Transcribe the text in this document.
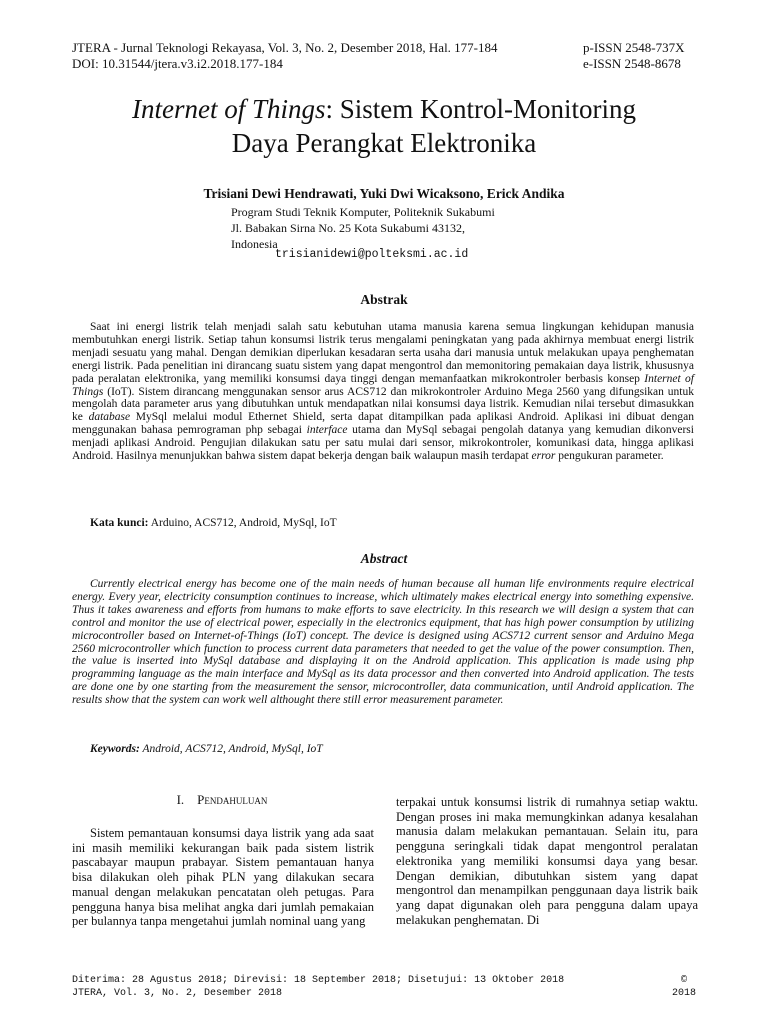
JTERA - Jurnal Teknologi Rekayasa, Vol. 3, No. 2, Desember 2018, Hal. 177-184
DOI: 10.31544/jtera.v3.i2.2018.177-184
p-ISSN 2548-737X
e-ISSN 2548-8678
Internet of Things: Sistem Kontrol-Monitoring
Daya Perangkat Elektronika
Trisiani Dewi Hendrawati, Yuki Dwi Wicaksono, Erick Andika
Program Studi Teknik Komputer, Politeknik Sukabumi
Jl. Babakan Sirna No. 25 Kota Sukabumi 43132,
Indonesia
trisianidewi@polteksmi.ac.id
Abstrak
Saat ini energi listrik telah menjadi salah satu kebutuhan utama manusia karena semua lingkungan kehidupan manusia membutuhkan energi listrik. Setiap tahun konsumsi listrik terus mengalami peningkatan yang pada akhirnya membuat energi listrik menjadi sesuatu yang mahal. Dengan demikian diperlukan kesadaran serta usaha dari manusia untuk melakukan upaya penghematan energi listrik. Pada penelitian ini dirancang suatu sistem yang dapat mengontrol dan memonitoring pemakaian daya listrik, khususnya pada peralatan elektronika, yang memiliki konsumsi daya tinggi dengan memanfaatkan mikrokontroler berbasis konsep Internet of Things (IoT). Sistem dirancang menggunakan sensor arus ACS712 dan mikrokontroler Arduino Mega 2560 yang difungsikan untuk mengolah data parameter arus yang dibutuhkan untuk mendapatkan nilai konsumsi daya listrik. Kemudian nilai tersebut dimasukkan ke database MySql melalui modul Ethernet Shield, serta dapat ditampilkan pada aplikasi Android. Aplikasi ini dibuat dengan menggunakan bahasa pemrograman php sebagai interface utama dan MySql sebagai pengolah datanya yang kemudian dikonversi menjadi aplikasi Android. Pengujian dilakukan satu per satu mulai dari sensor, mikrokontroler, komunikasi data, hingga aplikasi Android. Hasilnya menunjukkan bahwa sistem dapat bekerja dengan baik walaupun masih terdapat error pengukuran parameter.
Kata kunci: Arduino, ACS712, Android, MySql, IoT
Abstract
Currently electrical energy has become one of the main needs of human because all human life environments require electrical energy. Every year, electricity consumption continues to increase, which ultimately makes electrical energy into something expensive. Thus it takes awareness and efforts from humans to make efforts to save electricity. In this research we will design a system that can control and monitor the use of electrical power, especially in the electronics equipment, that has high power consumption by utilizing microcontroller based on Internet-of-Things (IoT) concept. The device is designed using ACS712 current sensor and Arduino Mega 2560 microcontroller which function to process current data parameters that needed to get the value of the power consumption. Then, the value is inserted into MySql database and displaying it on the Android application. This application is made using php programming language as the main interface and MySql as its data processor and then converted into Android application. The tests are done one by one starting from the measurement the sensor, microcontroller, data communication, until Android application. The results show that the system can work well althought there still error measurement parameter.
Keywords: Android, ACS712, Android, MySql, IoT
I. Pendahuluan
Sistem pemantauan konsumsi daya listrik yang ada saat ini masih memiliki kekurangan baik pada sistem listrik pascabayar maupun prabayar. Sistem pemantauan hanya bisa dilakukan oleh pihak PLN yang dilakukan secara manual dengan melakukan pencatatan oleh petugas. Para pengguna hanya bisa melihat angka dari jumlah pemakaian per bulannya tanpa mengetahui jumlah nominal uang yang
terpakai untuk konsumsi listrik di rumahnya setiap waktu. Dengan proses ini maka memungkinkan adanya kesalahan manusia dalam melakukan pemantauan. Selain itu, para pengguna seringkali tidak dapat mengontrol peralatan elektronika yang memiliki konsumsi daya yang besar. Dengan demikian, dibutuhkan sistem yang dapat mengontrol dan menampilkan penggunaan daya listrik baik yang dapat digunakan oleh para pengguna dalam upaya melakukan penghematan. Di
Diterima: 28 Agustus 2018; Direvisi: 18 September 2018; Disetujui: 13 Oktober 2018
JTERA, Vol. 3, No. 2, Desember 2018
©
2018
